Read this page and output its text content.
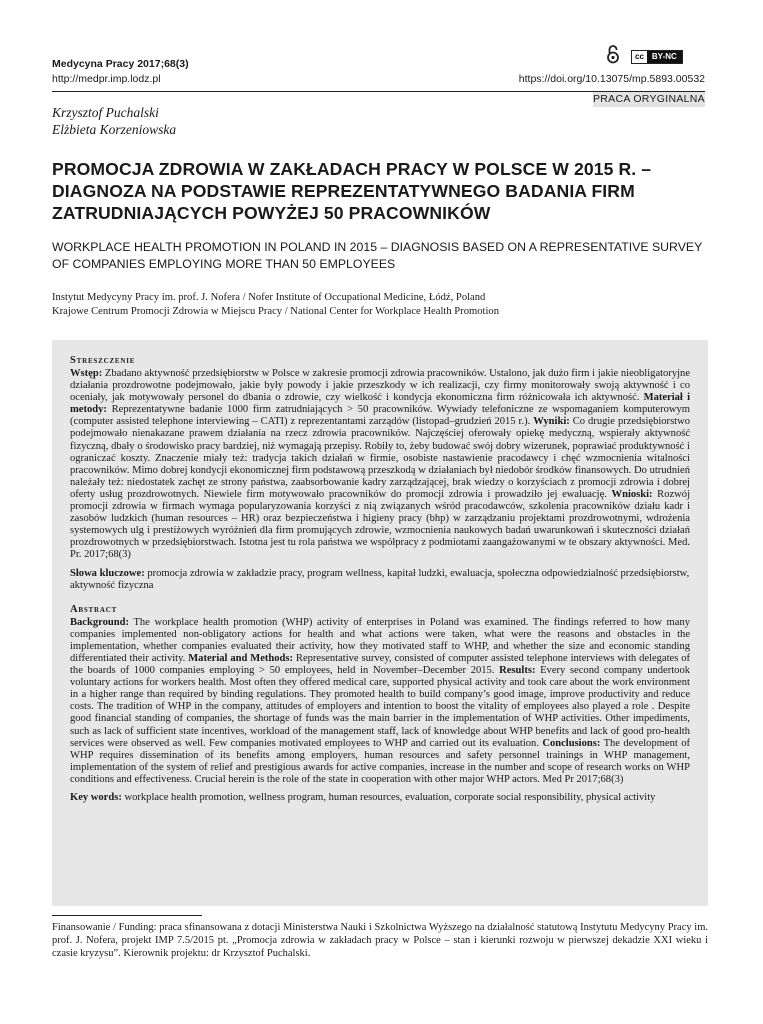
Medycyna Pracy 2017;68(3)
http://medpr.imp.lodz.pl
cc	BY-NC
https://doi.org/10.13075/mp.5893.00532
PRACA ORYGINALNA
Krzysztof Puchalski
Elżbieta Korzeniowska
PROMOCJA ZDROWIA W ZAKŁADACH PRACY W POLSCE W 2015 R. – DIAGNOZA NA PODSTAWIE REPREZENTATYWNEGO BADANIA FIRM ZATRUDNIAJĄCYCH POWYŻEJ 50 PRACOWNIKÓW
WORKPLACE HEALTH PROMOTION IN POLAND IN 2015 – DIAGNOSIS BASED ON A REPRESENTATIVE SURVEY OF COMPANIES EMPLOYING MORE THAN 50 EMPLOYEES
Instytut Medycyny Pracy im. prof. J. Nofera / Nofer Institute of Occupational Medicine, Łódź, Poland
Krajowe Centrum Promocji Zdrowia w Miejscu Pracy / National Center for Workplace Health Promotion
Streszczenie
Wstęp: Zbadano aktywność przedsiębiorstw w Polsce w zakresie promocji zdrowia pracowników. Ustalono, jak dużo firm i jakie nieobligatoryjne działania prozdrowotne podejmowało, jakie były powody i jakie przeszkody w ich realizacji, czy firmy monitorowały swoją aktywność i co oceniały, jak motywowały personel do dbania o zdrowie, czy wielkość i kondycja ekonomiczna firm różnicowała ich aktywność. Materiał i metody: Reprezentatywne badanie 1000 firm zatrudniających > 50 pracowników. Wywiady telefoniczne ze wspomaganiem komputerowym (computer assisted telephone interviewing – CATI) z reprezentantami zarządów (listopad–grudzień 2015 r.). Wyniki: Co drugie przedsiębiorstwo podejmowało nienakazane prawem działania na rzecz zdrowia pracowników. Najczęściej oferowały opiekę medyczną, wspierały aktywność fizyczną, dbały o środowisko pracy bardziej, niż wymagają przepisy. Robiły to, żeby budować swój dobry wizerunek, poprawiać produktywność i ograniczać koszty. Znaczenie miały też: tradycja takich działań w firmie, osobiste nastawienie pracodawcy i chęć wzmocnienia witalności pracowników. Mimo dobrej kondycji ekonomicznej firm podstawową przeszkodą w działaniach był niedobór środków finansowych. Do utrudnień należały też: niedostatek zachęt ze strony państwa, zaabsorbowanie kadry zarządzającej, brak wiedzy o korzyściach z promocji zdrowia i dobrej oferty usług prozdrowotnych. Niewiele firm motywowało pracowników do promocji zdrowia i prowadziło jej ewaluację. Wnioski: Rozwój promocji zdrowia w firmach wymaga popularyzowania korzyści z nią związanych wśród pracodawców, szkolenia pracowników działu kadr i zasobów ludzkich (human resources – HR) oraz bezpieczeństwa i higieny pracy (bhp) w zarządzaniu projektami prozdrowotnymi, wdrożenia systemowych ulg i prestiżowych wyróżnień dla firm promujących zdrowie, wzmocnienia naukowych badań uwarunkowań i skuteczności działań prozdrowotnych w przedsiębiorstwach. Istotna jest tu rola państwa we współpracy z podmiotami zaangażowanymi w te obszary aktywności. Med. Pr. 2017;68(3)
Słowa kluczowe: promocja zdrowia w zakładzie pracy, program wellness, kapitał ludzki, ewaluacja, społeczna odpowiedzialność przedsiębiorstw, aktywność fizyczna
Abstract
Background: The workplace health promotion (WHP) activity of enterprises in Poland was examined. The findings referred to how many companies implemented non-obligatory actions for health and what actions were taken, what were the reasons and obstacles in the implementation, whether companies evaluated their activity, how they motivated staff to WHP, and whether the size and economic standing differentiated their activity. Material and Methods: Representative survey, consisted of computer assisted telephone interviews with delegates of the boards of 1000 companies employing > 50 employees, held in November–December 2015. Results: Every second company undertook voluntary actions for workers health. Most often they offered medical care, supported physical activity and took care about the work environment in a higher range than required by binding regulations. They promoted health to build company’s good image, improve productivity and reduce costs. The tradition of WHP in the company, attitudes of employers and intention to boost the vitality of employees also played a role . Despite good financial standing of companies, the shortage of funds was the main barrier in the implementation of WHP activities. Other impediments, such as lack of sufficient state incentives, workload of the management staff, lack of knowledge about WHP benefits and lack of good pro-health services were observed as well. Few companies motivated employees to WHP and carried out its evaluation. Conclusions: The development of WHP requires dissemination of its benefits among employers, human resources and safety personnel trainings in WHP management, implementation of the system of relief and prestigious awards for active companies, increase in the number and scope of research works on WHP conditions and effectiveness. Crucial herein is the role of the state in cooperation with other major WHP actors. Med Pr 2017;68(3)
Key words: workplace health promotion, wellness program, human resources, evaluation, corporate social responsibility, physical activity
Finansowanie / Funding: praca sfinansowana z dotacji Ministerstwa Nauki i Szkolnictwa Wyższego na działalność statutową Instytutu Medycyny Pracy im. prof. J. Nofera, projekt IMP 7.5/2015 pt. „Promocja zdrowia w zakładach pracy w Polsce – stan i kierunki rozwoju w pierwszej dekadzie XXI wieku i czasie kryzysu”. Kierownik projektu: dr Krzysztof Puchalski.
